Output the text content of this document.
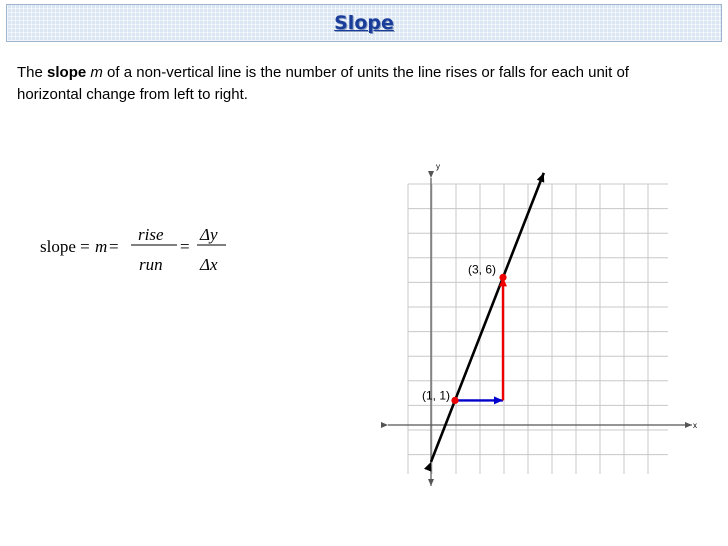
Slope
The slope m of a non-vertical line is the number of units the line rises or falls for each unit of horizontal change from left to right.
slope = m =
rise
run
=
Δy
Δx
x
y
(1, 1)
(3, 6)
